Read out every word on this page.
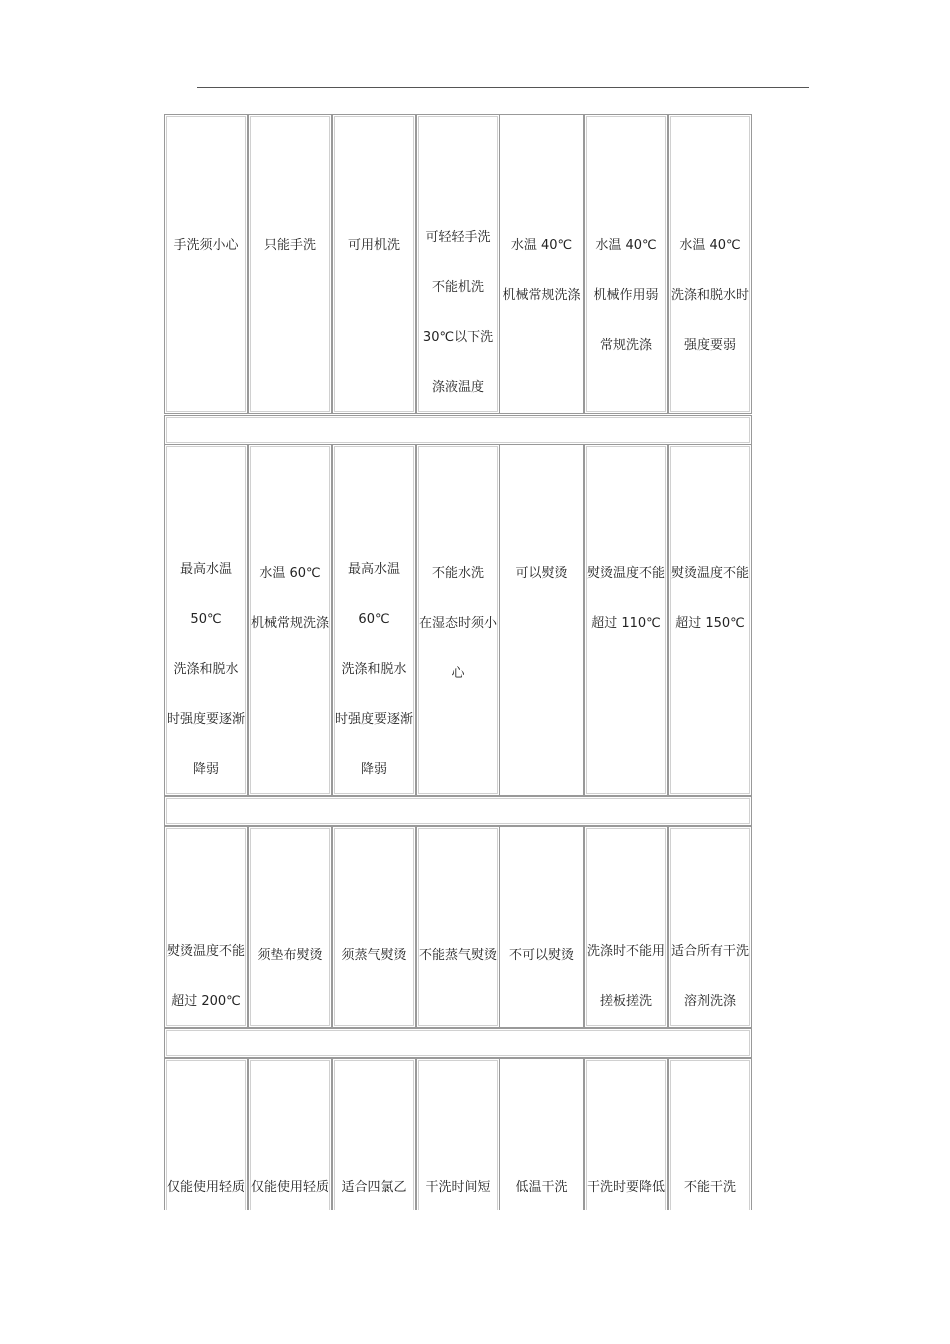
手洗须小心 只能手洗 可用机洗
可轻轻手洗
不能机洗
30℃以下洗
涤液温度
水温 40℃
机械常规洗涤
水温 40℃
机械作用弱
常规洗涤
水温 40℃
洗涤和脱水时
强度要弱
最高水温
50℃
洗涤和脱水
时强度要逐渐
降弱
水温 60℃
机械常规洗涤
最高水温
60℃
洗涤和脱水
时强度要逐渐
降弱
不能水洗
在湿态时须小
心
可以熨烫 熨烫温度不能
超过 110℃
熨烫温度不能
超过 150℃
熨烫温度不能
超过 200℃
须垫布熨烫 须蒸气熨烫 不能蒸气熨烫 不可以熨烫 洗涤时不能用
搓板搓洗
适合所有干洗
溶剂洗涤
仅能使用轻质 仅能使用轻质 适合四氯乙 干洗时间短 低温干洗 干洗时要降低 不能干洗
